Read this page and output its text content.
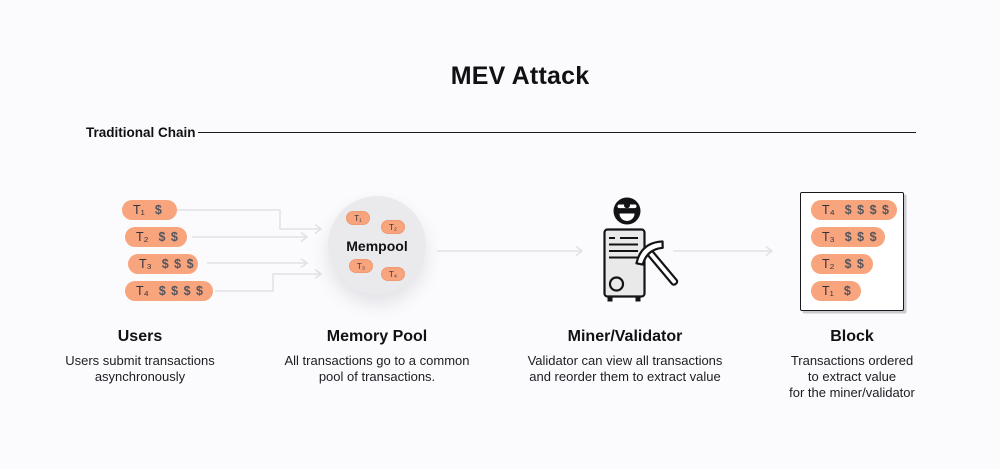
MEV Attack
Traditional Chain
T₁ $
T₂ $ $
T₃ $ $ $
T₄ $ $ $ $
Mempool
T₁
T₂
T₃
T₄
T₄ $ $ $ $
T₃ $ $ $
T₂ $ $
T₁ $
Users
Users submit transactions
asynchronously
Memory Pool
All transactions go to a common
pool of transactions.
Miner/Validator
Validator can view all transactions
and reorder them to extract value
Block
Transactions ordered
to extract value
for the miner/validator
